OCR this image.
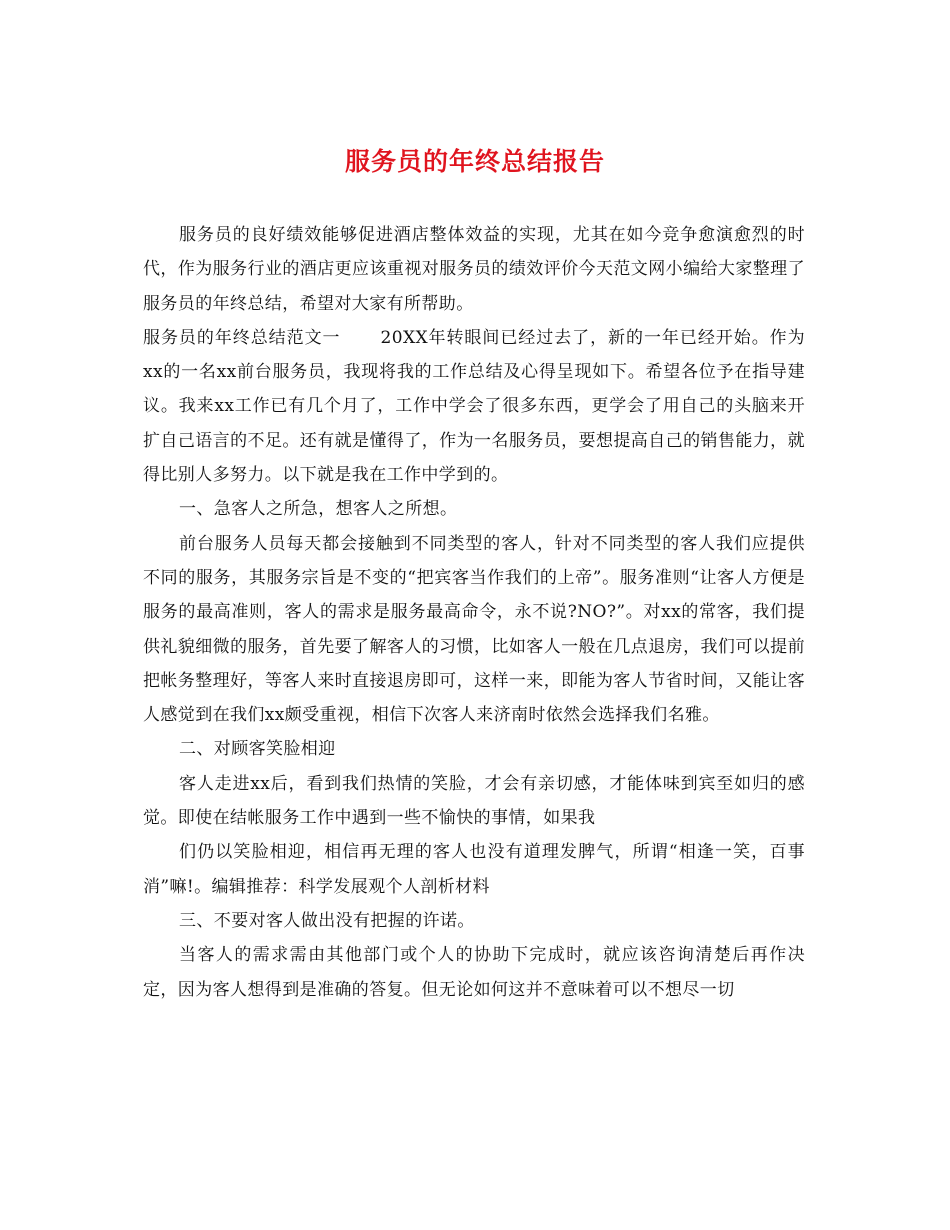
服务员的年终总结报告

服务员的良好绩效能够促进酒店整体效益的实现，尤其在如今竞争愈演愈烈的时代，作为服务行业的酒店更应该重视对服务员的绩效评价今天范文网小编给大家整理了服务员的年终总结，希望对大家有所帮助。

服务员的年终总结范文一 20XX年转眼间已经过去了，新的一年已经开始。作为xx的一名xx前台服务员，我现将我的工作总结及心得呈现如下。希望各位予在指导建议。我来xx工作已有几个月了，工作中学会了很多东西，更学会了用自己的头脑来开扩自己语言的不足。还有就是懂得了，作为一名服务员，要想提高自己的销售能力，就得比别人多努力。以下就是我在工作中学到的。

一、急客人之所急，想客人之所想。

前台服务人员每天都会接触到不同类型的客人，针对不同类型的客人我们应提供不同的服务，其服务宗旨是不变的“把宾客当作我们的上帝”。服务准则“让客人方便是服务的最高准则，客人的需求是服务最高命令，永不说?NO?”。对xx的常客，我们提供礼貌细微的服务，首先要了解客人的习惯，比如客人一般在几点退房，我们可以提前把帐务整理好，等客人来时直接退房即可，这样一来，即能为客人节省时间，又能让客人感觉到在我们xx颇受重视，相信下次客人来济南时依然会选择我们名雅。

二、对顾客笑脸相迎

客人走进xx后，看到我们热情的笑脸，才会有亲切感，才能体味到宾至如归的感觉。即使在结帐服务工作中遇到一些不愉快的事情，如果我

们仍以笑脸相迎，相信再无理的客人也没有道理发脾气，所谓“相逢一笑，百事消”嘛!。编辑推荐：科学发展观个人剖析材料

三、不要对客人做出没有把握的许诺。

当客人的需求需由其他部门或个人的协助下完成时，就应该咨询清楚后再作决定，因为客人想得到是准确的答复。但无论如何这并不意味着可以不想尽一切
